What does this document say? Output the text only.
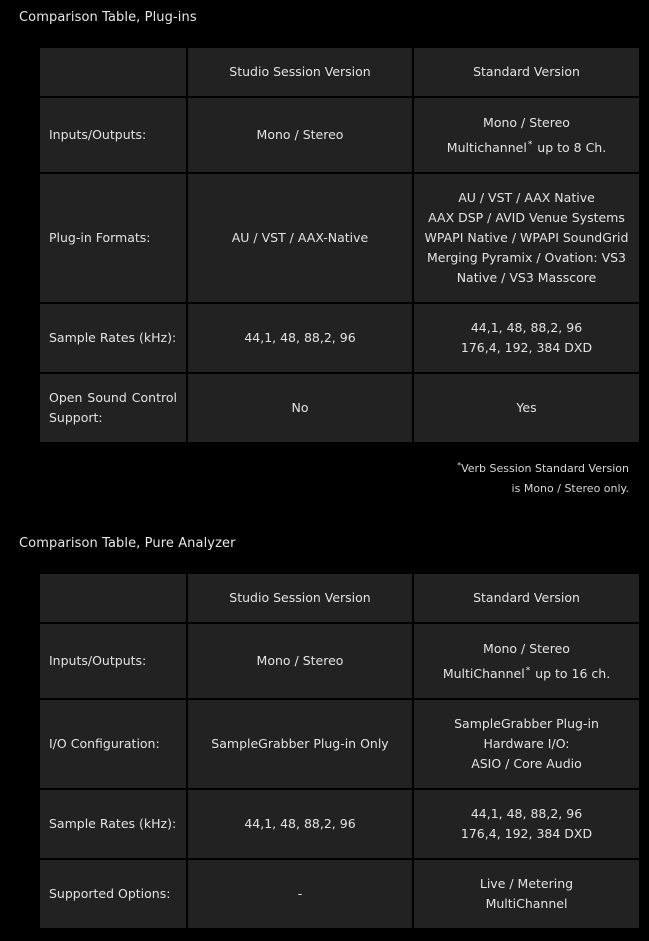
Comparison Table, Plug-ins
	Studio Session Version	Standard Version
Inputs/Outputs:	Mono / Stereo	Mono / Stereo
Multichannel* up to 8 Ch.

Plug-in Formats:	AU / VST / AAX-Native	AU / VST / AAX Native
AAX DSP / AVID Venue Systems
WPAPI Native / WPAPI SoundGrid
Merging Pyramix / Ovation: VS3
Native / VS3 Masscore

Sample Rates (kHz):	44,1, 48, 88,2, 96	44,1, 48, 88,2, 96
176,4, 192, 384 DXD

Open Sound Control Support:	No	Yes
*Verb Session Standard Version
is Mono / Stereo only.
Comparison Table, Pure Analyzer
	Studio Session Version	Standard Version
Inputs/Outputs:	Mono / Stereo	Mono / Stereo
MultiChannel* up to 16 ch.

I/O Configuration:	SampleGrabber Plug-in Only	SampleGrabber Plug-in
Hardware I/O:
ASIO / Core Audio

Sample Rates (kHz):	44,1, 48, 88,2, 96	44,1, 48, 88,2, 96
176,4, 192, 384 DXD

Supported Options:	-	Live / Metering
MultiChannel
